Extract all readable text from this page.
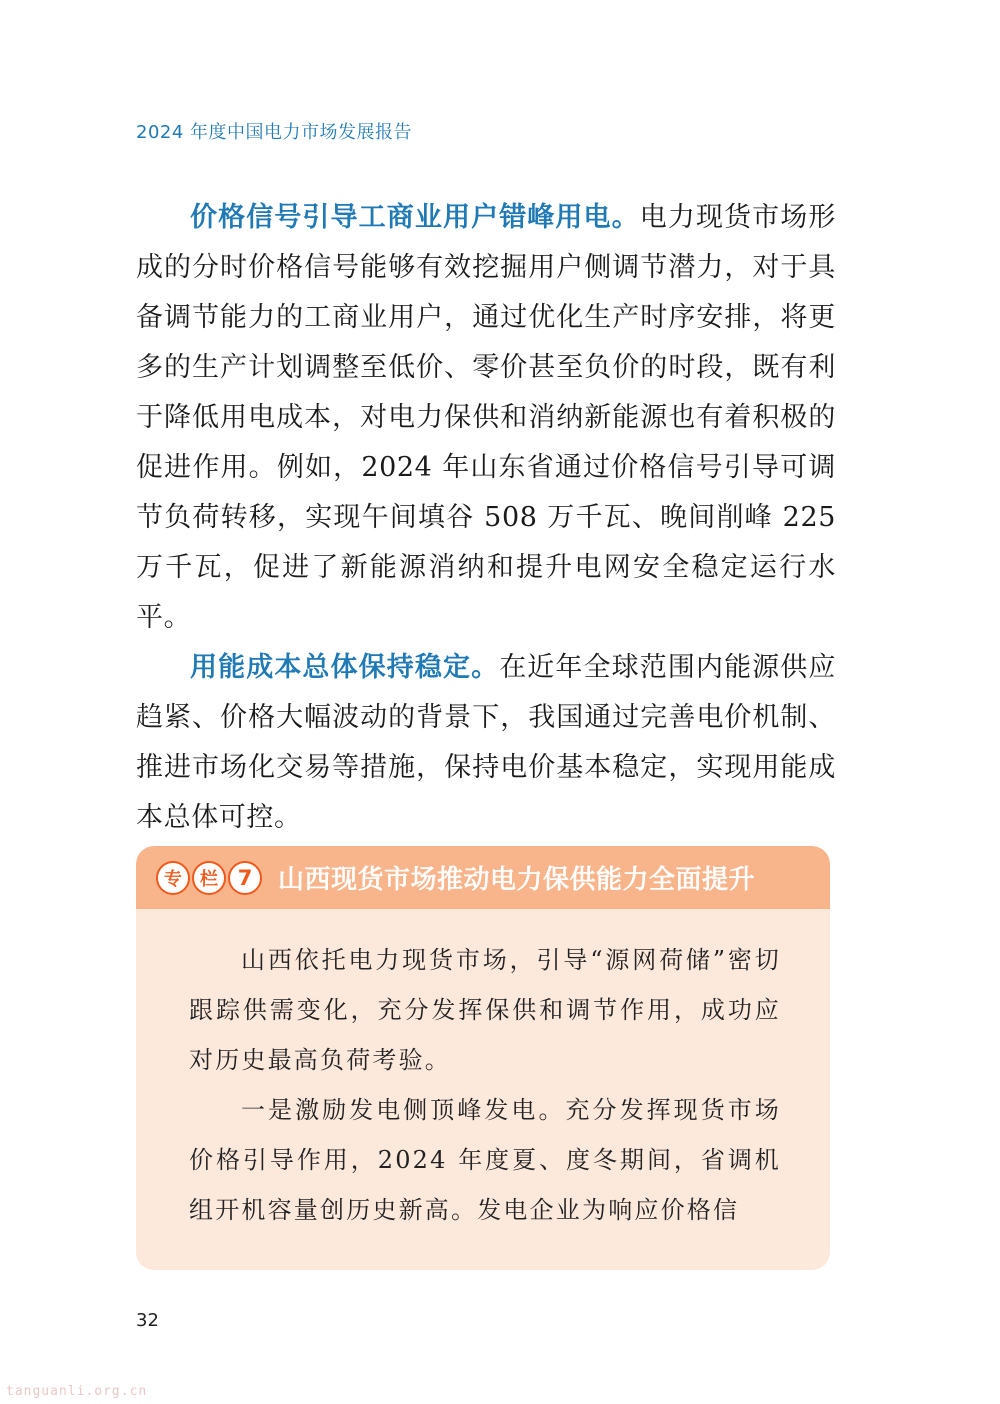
2024 年度中国电力市场发展报告

价格信号引导工商业用户错峰用电。电力现货市场形成的分时价格信号能够有效挖掘用户侧调节潜力，对于具备调节能力的工商业用户，通过优化生产时序安排，将更多的生产计划调整至低价、零价甚至负价的时段，既有利于降低用电成本，对电力保供和消纳新能源也有着积极的促进作用。例如，2024 年山东省通过价格信号引导可调节负荷转移，实现午间填谷 508 万千瓦、晚间削峰 225 万千瓦，促进了新能源消纳和提升电网安全稳定运行水平。

用能成本总体保持稳定。在近年全球范围内能源供应趋紧、价格大幅波动的背景下，我国通过完善电价机制、推进市场化交易等措施，保持电价基本稳定，实现用能成本总体可控。

专	栏 7 山西现货市场推动电力保供能力全面提升

山西依托电力现货市场，引导“源网荷储”密切跟踪供需变化，充分发挥保供和调节作用，成功应对历史最高负荷考验。

一是激励发电侧顶峰发电。充分发挥现货市场价格引导作用，2024 年度夏、度冬期间，省调机组开机容量创历史新高。发电企业为响应价格信

32
tanguanli.org.cn
